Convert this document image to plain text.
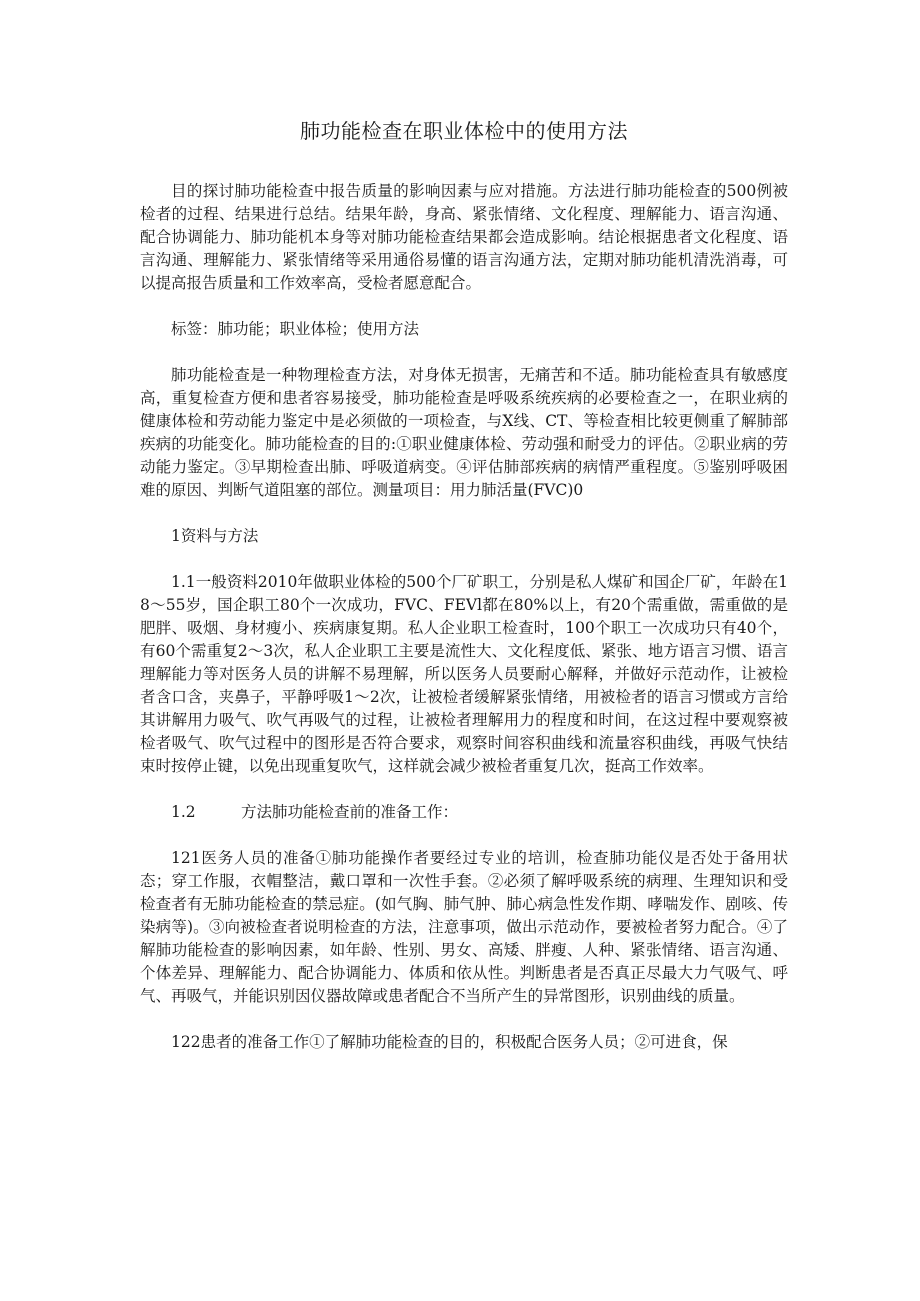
肺功能检查在职业体检中的使用方法

目的探讨肺功能检查中报告质量的影响因素与应对措施。方法进行肺功能检查的500例被检者的过程、结果进行总结。结果年龄，身高、紧张情绪、文化程度、理解能力、语言沟通、配合协调能力、肺功能机本身等对肺功能检查结果都会造成影响。结论根据患者文化程度、语言沟通、理解能力、紧张情绪等采用通俗易懂的语言沟通方法，定期对肺功能机清洗消毒，可以提高报告质量和工作效率高，受检者愿意配合。

标签：肺功能；职业体检；使用方法

肺功能检查是一种物理检查方法，对身体无损害，无痛苦和不适。肺功能检查具有敏感度高，重复检查方便和患者容易接受，肺功能检查是呼吸系统疾病的必要检查之一，在职业病的健康体检和劳动能力鉴定中是必须做的一项检查，与X线、CT、等检查相比较更侧重了解肺部疾病的功能变化。肺功能检查的目的:①职业健康体检、劳动强和耐受力的评估。②职业病的劳动能力鉴定。③早期检查出肺、呼吸道病变。④评估肺部疾病的病情严重程度。⑤鉴别呼吸困难的原因、判断气道阻塞的部位。测量项目：用力肺活量(FVC)0

1资料与方法

1.1一般资料2010年做职业体检的500个厂矿职工，分别是私人煤矿和国企厂矿，年龄在18～55岁，国企职工80个一次成功，FVC、FEVl都在80%以上，有20个需重做，需重做的是肥胖、吸烟、身材瘦小、疾病康复期。私人企业职工检查时，100个职工一次成功只有40个，有60个需重复2～3次，私人企业职工主要是流性大、文化程度低、紧张、地方语言习惯、语言理解能力等对医务人员的讲解不易理解，所以医务人员要耐心解释，并做好示范动作，让被检者含口含，夹鼻子，平静呼吸1～2次，让被检者缓解紧张情绪，用被检者的语言习惯或方言给其讲解用力吸气、吹气再吸气的过程，让被检者理解用力的程度和时间，在这过程中要观察被检者吸气、吹气过程中的图形是否符合要求，观察时间容积曲线和流量容积曲线，再吸气快结束时按停止键，以免出现重复吹气，这样就会减少被检者重复几次，挺高工作效率。

1.2	方法肺功能检查前的准备工作：

121医务人员的准备①肺功能操作者要经过专业的培训，检查肺功能仪是否处于备用状态；穿工作服，衣帽整洁，戴口罩和一次性手套。②必须了解呼吸系统的病理、生理知识和受检查者有无肺功能检查的禁忌症。(如气胸、肺气肿、肺心病急性发作期、哮喘发作、剧咳、传染病等)。③向被检查者说明检查的方法，注意事项，做出示范动作，要被检者努力配合。④了解肺功能检查的影响因素，如年龄、性别、男女、高矮、胖瘦、人种、紧张情绪、语言沟通、个体差异、理解能力、配合协调能力、体质和依从性。判断患者是否真正尽最大力气吸气、呼气、再吸气，并能识别因仪器故障或患者配合不当所产生的异常图形，识别曲线的质量。

122患者的准备工作①了解肺功能检查的目的，积极配合医务人员；②可进食，保
